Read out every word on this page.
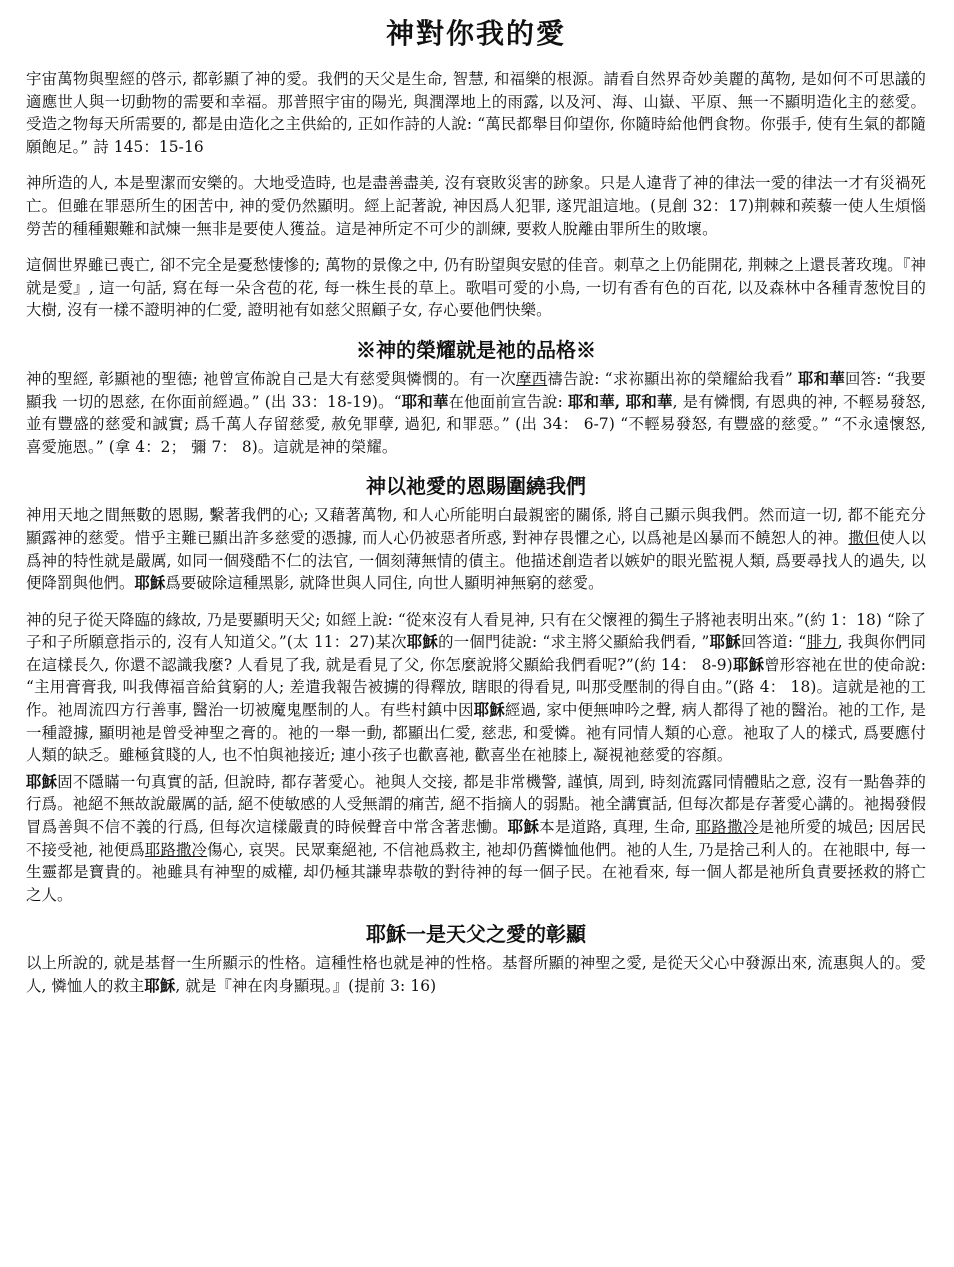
神對你我的愛

宇宙萬物與聖經的啓示, 都彰顯了神的愛。我們的天父是生命, 智慧, 和福樂的根源。請看自然界奇妙美麗的萬物, 是如何不可思議的適應世人與一切動物的需要和幸福。那普照宇宙的陽光, 與潤澤地上的雨露, 以及河、海、山嶽、平原、無一不顯明造化主的慈愛。受造之物每天所需要的, 都是由造化之主供給的, 正如作詩的人說: “萬民都舉目仰望你, 你隨時給他們食物。你張手, 使有生氣的都隨願飽足。” 詩 145：15-16

神所造的人, 本是聖潔而安樂的。大地受造時, 也是盡善盡美, 沒有衰敗災害的跡象。只是人違背了神的律法一愛的律法一才有災禍死亡。但雖在罪惡所生的困苦中, 神的愛仍然顯明。經上記著說, 神因爲人犯罪, 遂咒詛這地。(見創 32：17)荆棘和蒺藜一使人生煩惱勞苦的種種艱難和試煉一無非是要使人獲益。這是神所定不可少的訓練, 要救人脫離由罪所生的敗壞。

這個世界雖已喪亡, 卻不完全是憂愁悽慘的; 萬物的景像之中, 仍有盼望與安慰的佳音。刺草之上仍能開花, 荆棘之上還長著玫瑰。『神就是愛』, 這一句話, 寫在每一朵含苞的花, 每一株生長的草上。歌唱可愛的小鳥, 一切有香有色的百花, 以及森林中各種青葱悅目的大樹, 沒有一樣不證明神的仁愛, 證明祂有如慈父照顧子女, 存心要他們快樂。

※神的榮耀就是祂的品格※

神的聖經, 彰顯祂的聖德; 祂曾宣佈說自己是大有慈愛與憐憫的。有一次摩西禱告說: “求祢顯出祢的榮耀給我看” 耶和華回答: “我要顯我 一切的恩慈, 在你面前經過。” (出 33：18-19)。“耶和華在他面前宣告說: 耶和華, 耶和華, 是有憐憫, 有恩典的神, 不輕易發怒, 並有豐盛的慈愛和誠實; 爲千萬人存留慈愛, 赦免罪孽, 過犯, 和罪惡。” (出 34： 6-7) “不輕易發怒, 有豐盛的慈愛。” “不永遠懷怒, 喜愛施恩。” (拿 4：2； 彌 7： 8)。這就是神的榮耀。

神以祂愛的恩賜圍繞我們

神用天地之間無數的恩賜, 繫著我們的心; 又藉著萬物, 和人心所能明白最親密的關係, 將自己顯示與我們。然而這一切, 都不能充分顯露神的慈愛。惜乎主難已顯出許多慈愛的憑據, 而人心仍被惡者所惑, 對神存畏懼之心, 以爲祂是凶暴而不饒恕人的神。撒但使人以爲神的特性就是嚴厲, 如同一個殘酷不仁的法官, 一個刻薄無情的債主。他描述創造者以嫉妒的眼光監視人類, 爲要尋找人的過失, 以便降罰與他們。耶穌爲要破除這種黑影, 就降世與人同住, 向世人顯明神無窮的慈愛。

神的兒子從天降臨的緣故, 乃是要顯明天父; 如經上說: “從來沒有人看見神, 只有在父懷裡的獨生子將祂表明出來。”(約 1：18) “除了子和子所願意指示的, 沒有人知道父。”(太 11：27)某次耶穌的一個門徒說: “求主將父顯給我們看, ”耶穌回答道: “腓力, 我與你們同在這樣長久, 你還不認識我麼? 人看見了我, 就是看見了父, 你怎麼說將父顯給我們看呢?”(約 14： 8-9)耶穌曾形容祂在世的使命說: “主用膏膏我, 叫我傳福音給貧窮的人; 差遣我報告被擄的得釋放, 瞎眼的得看見, 叫那受壓制的得自由。”(路 4： 18)。這就是祂的工作。祂周流四方行善事, 醫治一切被魔鬼壓制的人。有些村鎮中因耶穌經過, 家中便無呻吟之聲, 病人都得了祂的醫治。祂的工作, 是一種證據, 顯明祂是曾受神聖之膏的。祂的一舉一動, 都顯出仁愛, 慈悲, 和愛憐。祂有同情人類的心意。祂取了人的樣式, 爲要應付人類的缺乏。雖極貧賤的人, 也不怕與祂接近; 連小孩子也歡喜祂, 歡喜坐在祂膝上, 凝視祂慈愛的容顏。

耶穌固不隱瞞一句真實的話, 但說時, 都存著愛心。祂與人交接, 都是非常機警, 謹慎, 周到, 時刻流露同情體貼之意, 沒有一點魯莽的行爲。祂絕不無故說嚴厲的話, 絕不使敏感的人受無謂的痛苦, 絕不指摘人的弱點。祂全講實話, 但每次都是存著愛心講的。祂揭發假冒爲善與不信不義的行爲, 但每次這樣嚴責的時候聲音中常含著悲慟。耶穌本是道路, 真理, 生命, 耶路撒冷是祂所愛的城邑; 因居民不接受祂, 祂便爲耶路撒冷傷心, 哀哭。民眾棄絕祂, 不信祂爲救主, 祂却仍舊憐恤他們。祂的人生, 乃是捨己利人的。在祂眼中, 每一生靈都是寶貴的。祂雖具有神聖的威權, 却仍極其謙卑恭敬的對待神的每一個子民。在祂看來, 每一個人都是祂所負責要拯救的將亡之人。

耶穌一是天父之愛的彰顯

以上所說的, 就是基督一生所顯示的性格。這種性格也就是神的性格。基督所顯的神聖之愛, 是從天父心中發源出來, 流惠與人的。愛人, 憐恤人的救主耶穌, 就是『神在肉身顯現。』(提前 3: 16)
